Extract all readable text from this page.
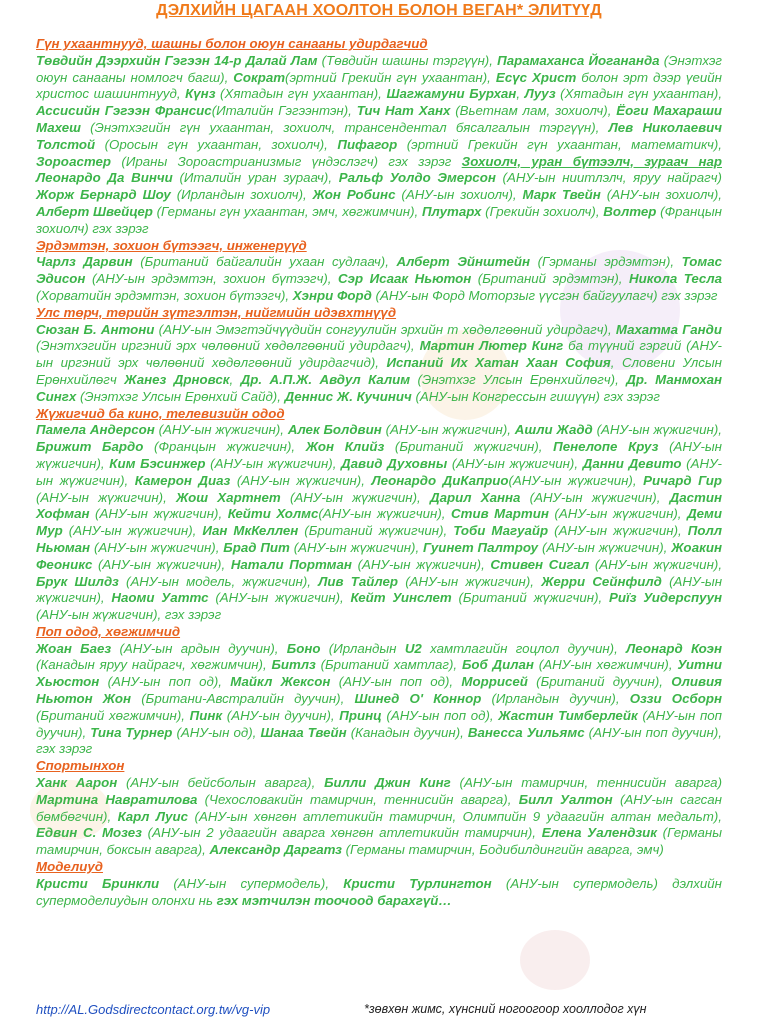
ДЭЛХИЙН ЦАГААН ХООЛТОН БОЛОН ВЕГАН* ЭЛИТҮҮД

Гүн ухаантнууд, шашны болон оюун санааны удирдагчид

Төвдийн Дээрхийн Гэгээн 14-р Далай Лам (Төвдийн шашны тэргүүн), Парамаханса Йогананда (Энэтхэг оюун санааны номлогч багш), Сократ(эртний Грекийн гүн ухаантан), Есүс Христ болон эрт дээр үеийн христос шашинтнууд, Күнз (Хятадын гүн ухаантан), Шагжамуни Бурхан, Лууз (Хятадын гүн ухаантан), Ассисийн Гэгээн Франсис(Италийн Гэгээнтэн), Тич Нат Ханх (Вьетнам лам, зохиолч), Ёоги Махараши Махеш (Энэтхэгийн гүн ухаантан, зохиолч, трансендентал бясалгалын тэргүүн), Лев Николаевич Толстой (Оросын гүн ухаантан, зохиолч), Пифагор (эртний Грекийн гүн ухаантан, математикч), Зороастер (Ираны Зороастрианизмыг үндэслэгч) гэх зэрэг Зохиолч, уран бүтээлч, зураач нар Леонардо Да Винчи (Италийн уран зураач), Ральф Уолдо Эмерсон (АНУ-ын ниитлэлч, яруу найрагч) Жорж Бернард Шоу (Ирландын зохиолч), Жон Робинс (АНУ-ын зохиолч), Марк Твейн (АНУ-ын зохиолч), Алберт Швейцер (Германы гүн ухаантан, эмч, хөгжимчин), Плутарх (Грекийн зохиолч), Волтер (Францын зохиолч) гэх зэрэг

Эрдэмтэн, зохион бүтээгч, инженерүүд

Чарлз Дарвин (Британий байгалийн ухаан судлаач), Алберт Эйнштейн (Гэрманы эрдэмтэн), Томас Эдисон (АНУ-ын эрдэмтэн, зохион бүтээгч), Сэр Исаак Ньютон (Британий эрдэмтэн), Никола Тесла (Хорватийн эрдэмтэн, зохион бүтээгч), Хэнри Форд (АНУ-ын Форд Моторзыг үүсгэн байгуулагч) гэх зэрэг

Улс төрч, төрийн зүтгэлтэн, нийгмийн идэвхтнүүд

Сюзан Б. Антони (АНУ-ын Эмэгтэйчүүдийн сонгуулийн эрхийн т хөдөлгөөний удирдагч), Махатма Ганди (Энэтхэгийн иргэний эрх чөлөөний хөдөлгөөний удирдагч), Мартин Лютер Кинг ба түүний гэргий (АНУ-ын иргэний эрх чөлөөний хөдөлгөөний удирдагчид), Испаний Их Хатан Хаан София, Словени Улсын Ерөнхийлөгч Жанез Дрновск, Др. А.П.Ж. Авдул Калим (Энэтхэг Улсын Ерөнхийлөгч), Др. Манмохан Сингх (Энэтхэг Улсын Ерөнхий Сайд), Деннис Ж. Кучинич (АНУ-ын Конгрессын гишүүн) гэх зэрэг

Жүжигчид ба кино, телевизийн одод

Памела Андерсон (АНУ-ын жүжигчин), Алек Болдвин (АНУ-ын жүжигчин), Ашли Жадд (АНУ-ын жүжигчин), Брижит Бардо (Францын жүжигчин), Жон Клийз (Британий жүжигчин), Пенелопе Круз (АНУ-ын жүжигчин), Ким Бэсинжер (АНУ-ын жүжигчин), Давид Духовны (АНУ-ын жүжигчин), Данни Девито (АНУ-ын жүжигчин), Камерон Диаз (АНУ-ын жүжигчин), Леонардо ДиКаприо(АНУ-ын жүжигчин), Ричард Гир (АНУ-ын жүжигчин), Жош Хартнет (АНУ-ын жүжигчин), Дарил Ханна (АНУ-ын жүжигчин), Дастин Хофман (АНУ-ын жүжигчин), Кейти Холмс(АНУ-ын жүжигчин), Стив Мартин (АНУ-ын жүжигчин), Деми Мур (АНУ-ын жүжигчин), Иан МкКеллен (Британий жүжигчин), Тоби Магуайр (АНУ-ын жүжигчин), Полл Ньюман (АНУ-ын жүжигчин), Брад Пит (АНУ-ын жүжигчин), Гуинет Палтроу (АНУ-ын жүжигчин), Жоакин Феоникс (АНУ-ын жүжигчин), Натали Портман (АНУ-ын жүжигчин), Стивен Сигал (АНУ-ын жүжигчин), Брук Шилдз (АНУ-ын модель, жүжигчин), Лив Тайлер (АНУ-ын жүжигчин), Жерри Сейнфилд (АНУ-ын жүжигчин), Наоми Уаттс (АНУ-ын жүжигчин), Кейт Уинслет (Британий жүжигчин), Риїз Уидерспуун (АНУ-ын жүжигчин), гэх зэрэг

Поп одод, хөгжимчид

Жоан Баез (АНУ-ын ардын дуучин), Боно (Ирландын U2 хамтлагийн гоцлол дуучин), Леонард Коэн (Канадын яруу найрагч, хөгжимчин), Битлз (Британий хамтлаг), Боб Дилан (АНУ-ын хөгжимчин), Уитни Хьюстон (АНУ-ын поп од), Майкл Жексон (АНУ-ын поп од), Моррисей (Британий дуучин), Оливия Ньютон Жон (Британи-Австралийн дуучин), Шинед О' Коннор (Ирландын дуучин), Оззи Осборн (Британий хөгжимчин), Пинк (АНУ-ын дуучин), Принц (АНУ-ын поп од), Жастин Тимберлейк (АНУ-ын поп дуучин), Тина Турнер (АНУ-ын од), Шанаа Твейн (Канадын дуучин), Ванесса Уильямс (АНУ-ын поп дуучин), гэх зэрэг

Спортынхон

Ханк Аарон (АНУ-ын бейсболын аварга), Билли Джин Кинг (АНУ-ын тамирчин, теннисийн аварга) Мартина Навратилова (Чехословакийн тамирчин, теннисийн аварга), Билл Уалтон (АНУ-ын сагсан бөмбөгчин), Карл Луис (АНУ-ын хөнгөн атлетикийн тамирчин, Олимпийн 9 удаагийн алтан медальт), Едвин С. Мозез (АНУ-ын 2 удаагийн аварга хөнгөн атлетикийн тамирчин), Елена Уалендзик (Германы тамирчин, боксын аварга), Александр Даргатз (Германы тамирчин, Бодибилдингийн аварга, эмч)

Моделиуд

Кристи Бринкли (АНУ-ын супермодель), Кристи Турлингтон (АНУ-ын супермодель) дэлхийн супермоделиудын олонхи нь гэх мэтчилэн тоочоод барахгүй…

http://AL.Godsdirectcontact.org.tw/vg-vip	*зөвхөн жимс, хүнсний ногоогоор хооллодог хүн
